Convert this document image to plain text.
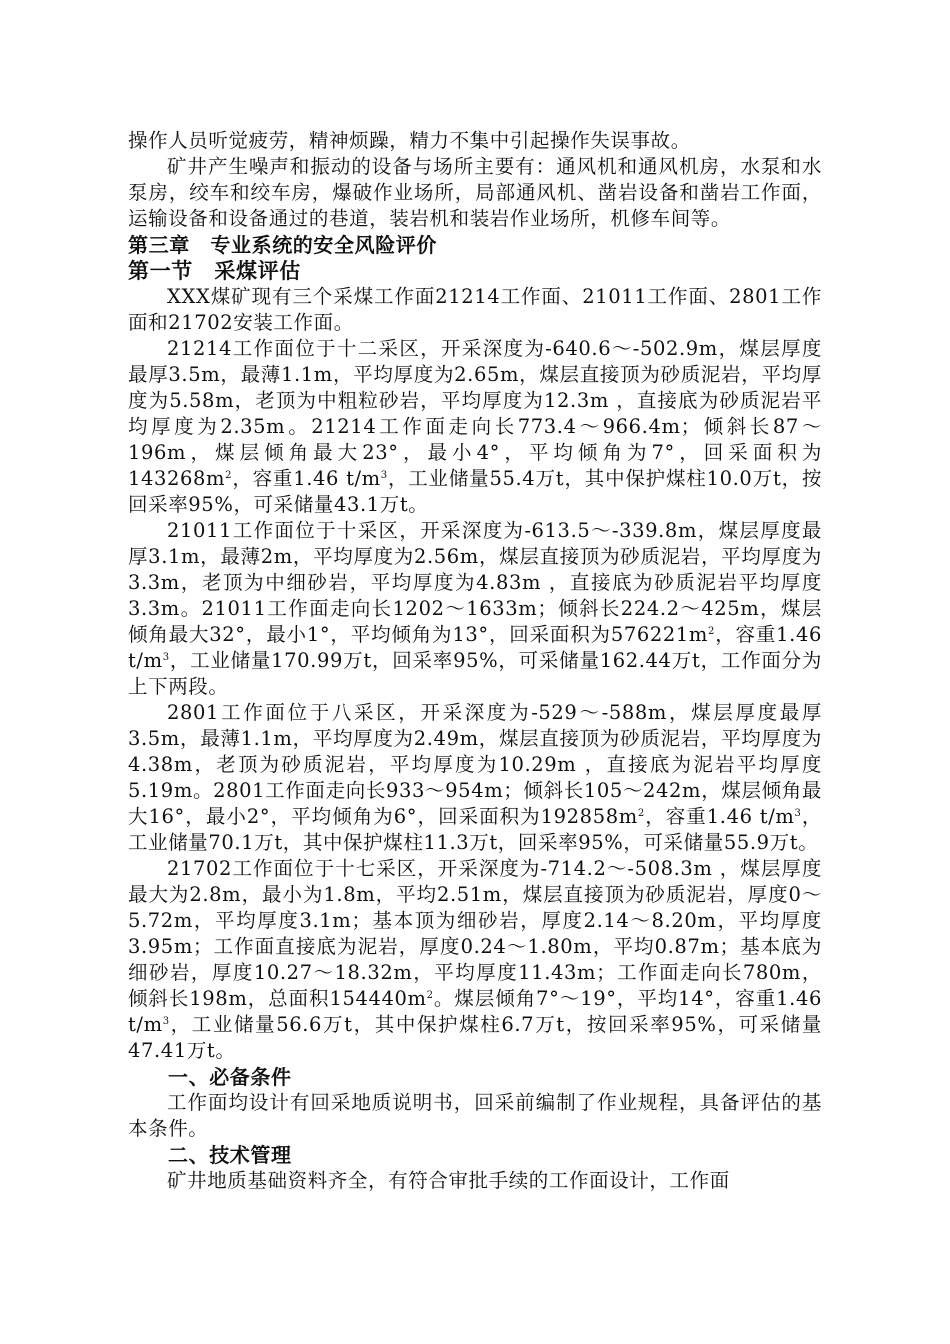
操作人员听觉疲劳，精神烦躁，精力不集中引起操作失误事故。

矿井产生噪声和振动的设备与场所主要有：通风机和通风机房，水泵和水泵房，绞车和绞车房，爆破作业场所，局部通风机、凿岩设备和凿岩工作面，运输设备和设备通过的巷道，装岩机和装岩作业场所，机修车间等。

第三章　专业系统的安全风险评价

第一节　采煤评估

XXX煤矿现有三个采煤工作面21214工作面、21011工作面、2801工作面和21702安装工作面。

21214工作面位于十二采区，开采深度为-640.6～-502.9m，煤层厚度最厚3.5m，最薄1.1m，平均厚度为2.65m，煤层直接顶为砂质泥岩，平均厚度为5.58m，老顶为中粗粒砂岩，平均厚度为12.3m ，直接底为砂质泥岩平均厚度为2.35m。21214工作面走向长773.4～966.4m；倾斜长87～196m，煤层倾角最大23°，最小4°，平均倾角为7°，回采面积为$143268m^2$，容重1.46 $t/m^3$，工业储量55.4万t，其中保护煤柱10.0万t，按回采率95%，可采储量43.1万t。

21011工作面位于十采区，开采深度为-613.5～-339.8m，煤层厚度最厚3.1m，最薄2m，平均厚度为2.56m，煤层直接顶为砂质泥岩，平均厚度为3.3m，老顶为中细砂岩，平均厚度为4.83m ，直接底为砂质泥岩平均厚度3.3m。21011工作面走向长1202～1633m；倾斜长224.2～425m，煤层倾角最大32°，最小1°，平均倾角为13°，回采面积为$576221m^2$，容重1.46 $t/m^3$，工业储量170.99万t，回采率95%，可采储量162.44万t，工作面分为上下两段。

2801工作面位于八采区，开采深度为-529～-588m，煤层厚度最厚3.5m，最薄1.1m，平均厚度为2.49m，煤层直接顶为砂质泥岩，平均厚度为4.38m，老顶为砂质泥岩，平均厚度为10.29m ，直接底为泥岩平均厚度5.19m。2801工作面走向长933～954m；倾斜长105～242m，煤层倾角最大16°，最小2°，平均倾角为6°，回采面积为$192858m^2$，容重1.46 $t/m^3$，工业储量70.1万t，其中保护煤柱11.3万t，回采率95%，可采储量55.9万t。

21702工作面位于十七采区，开采深度为-714.2～-508.3m ，煤层厚度最大为2.8m，最小为1.8m，平均2.51m，煤层直接顶为砂质泥岩，厚度0～5.72m，平均厚度3.1m；基本顶为细砂岩，厚度2.14～8.20m，平均厚度3.95m；工作面直接底为泥岩，厚度0.24～1.80m，平均0.87m；基本底为细砂岩，厚度10.27～18.32m，平均厚度11.43m；工作面走向长780m，倾斜长198m，总面积$154440m^2$。煤层倾角7°～19°，平均14°，容重1.46 $t/m^3$，工业储量56.6万t，其中保护煤柱6.7万t，按回采率95%，可采储量47.41万t。

一、必备条件

工作面均设计有回采地质说明书，回采前编制了作业规程，具备评估的基本条件。

二、技术管理

矿井地质基础资料齐全，有符合审批手续的工作面设计，工作面
